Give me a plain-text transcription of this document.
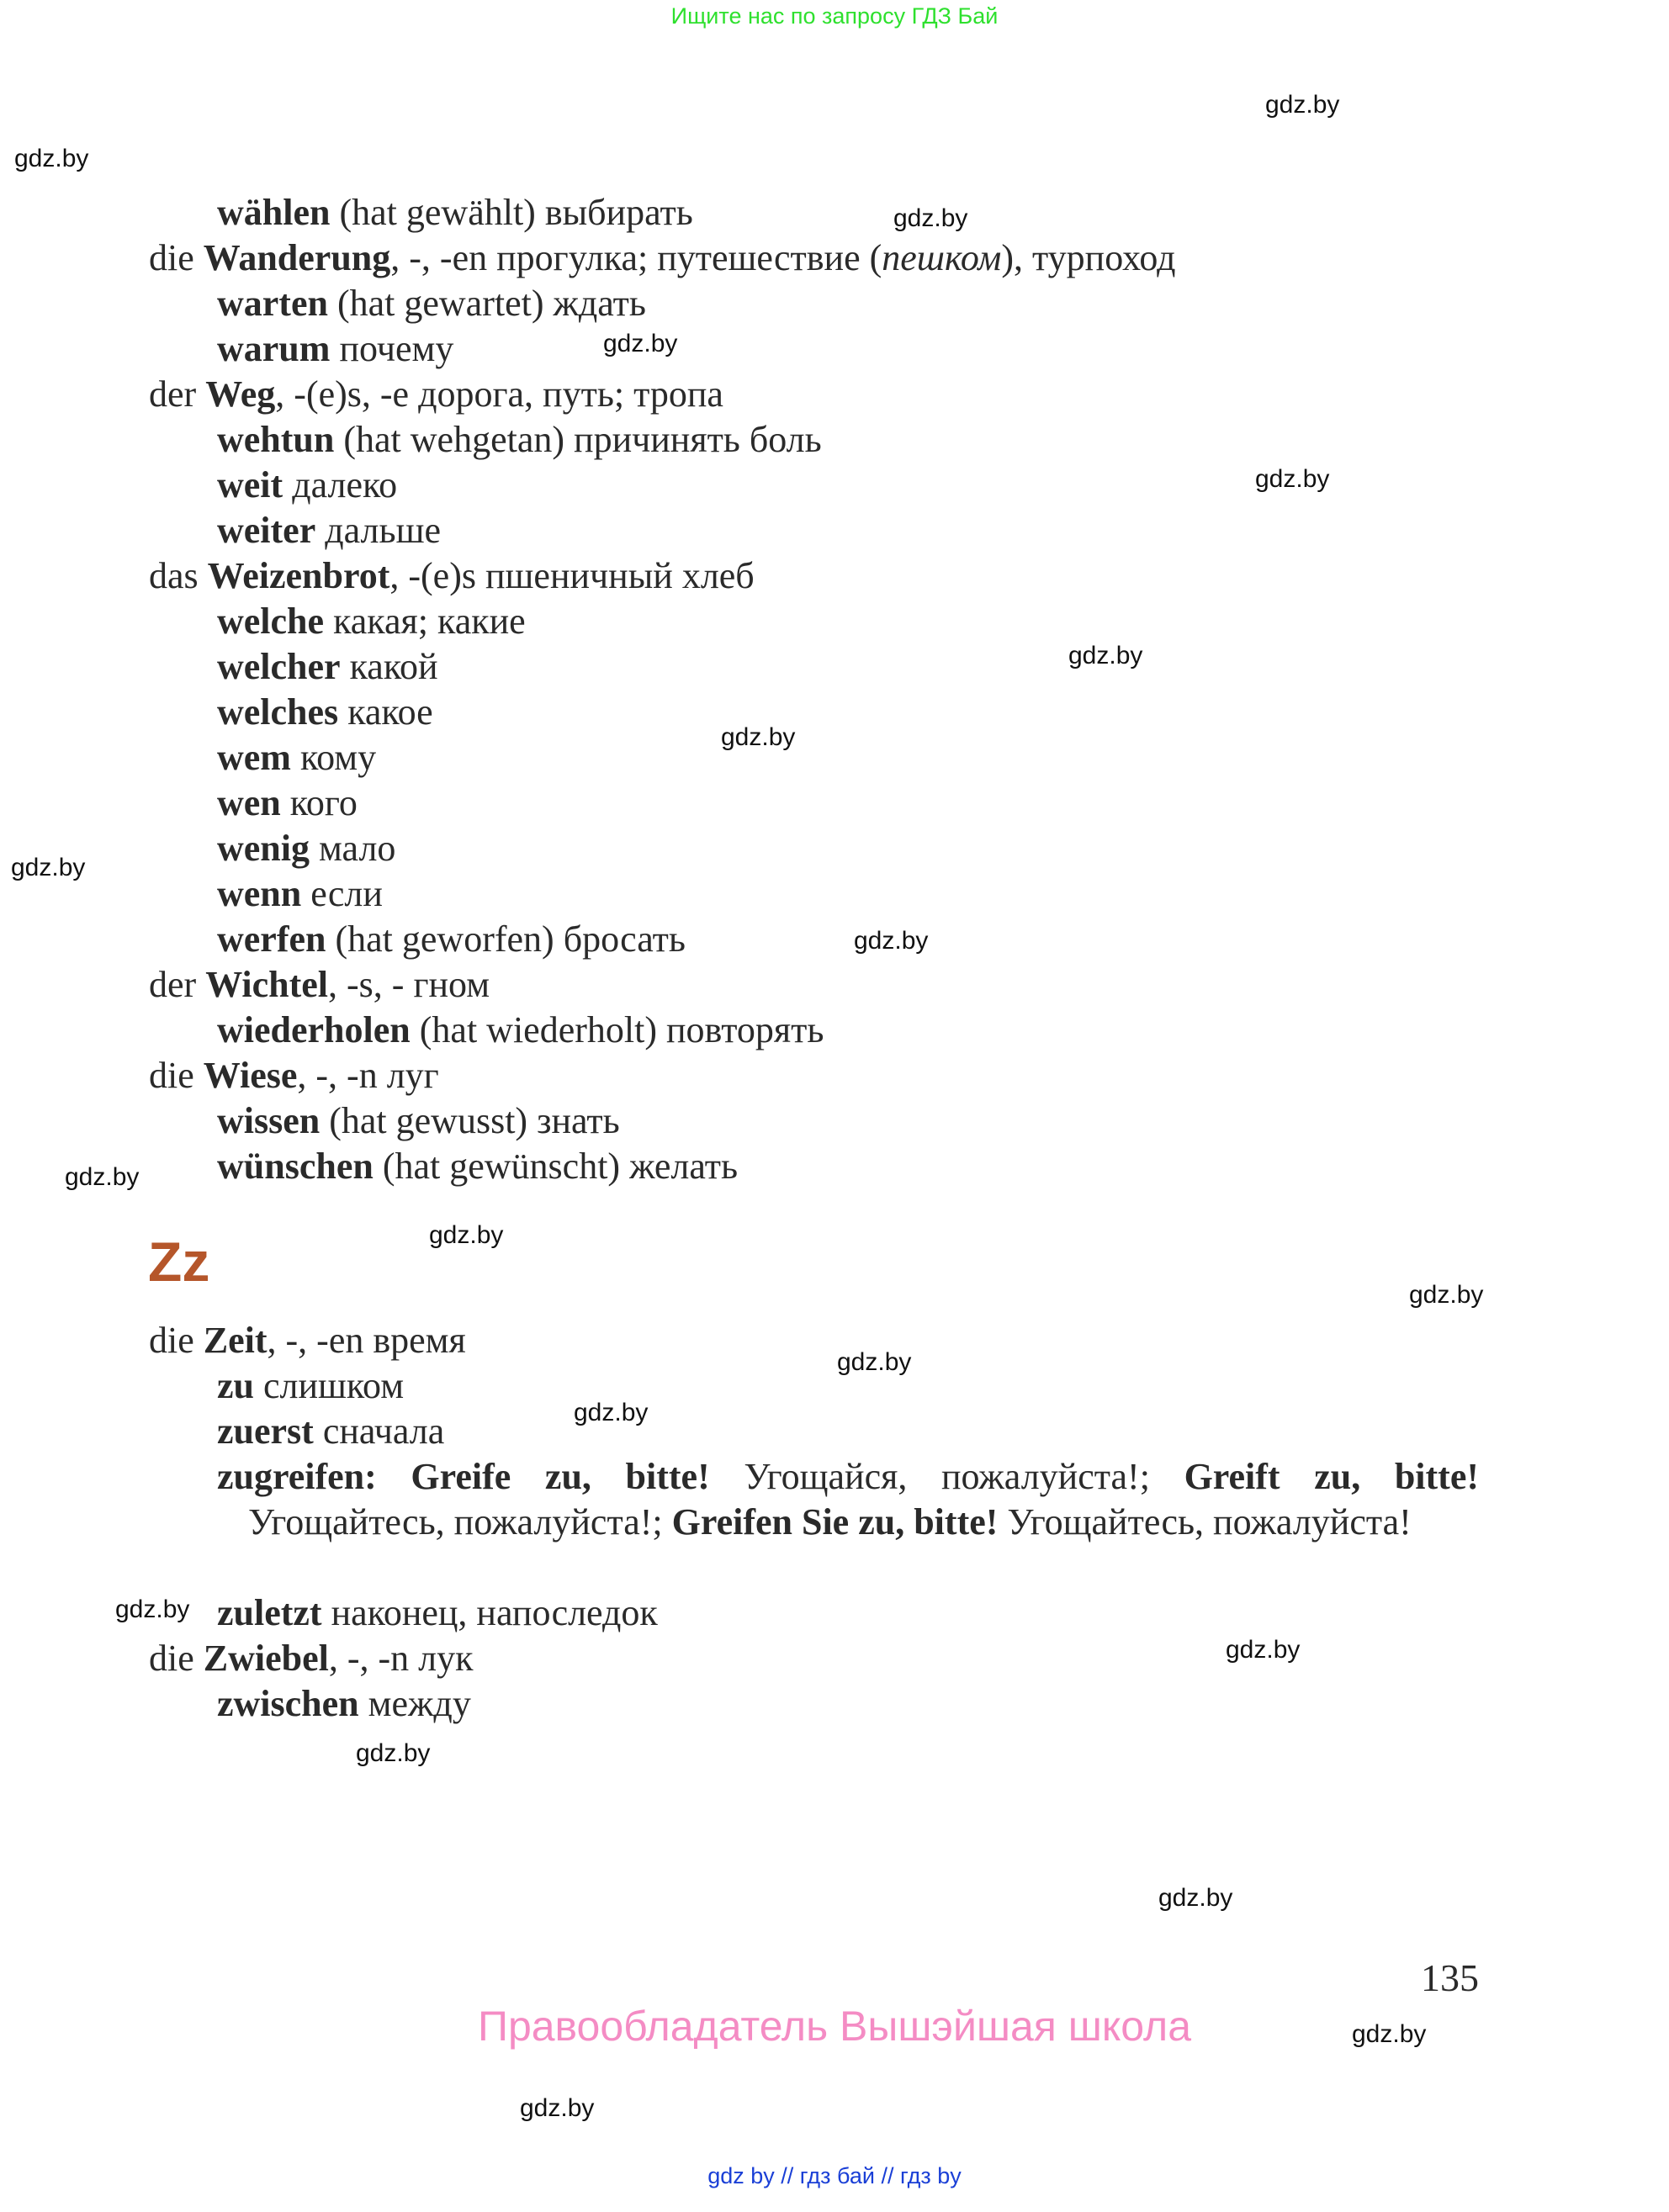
Ищите нас по запросу ГДЗ Бай
wählen (hat gewählt) выбирать
die Wanderung, -, -en прогулка; путешествие (пешком), турпоход
warten (hat gewartet) ждать
warum почему
der Weg, -(e)s, -e дорога, путь; тропа
wehtun (hat wehgetan) причинять боль
weit далеко
weiter дальше
das Weizenbrot, -(e)s пшеничный хлеб
welche какая; какие
welcher какой
welches какое
wem кому
wen кого
wenig мало
wenn если
werfen (hat geworfen) бросать
der Wichtel, -s, - гном
wiederholen (hat wiederholt) повторять
die Wiese, -, -n луг
wissen (hat gewusst) знать
wünschen (hat gewünscht) желать
Zz
die Zeit, -, -en время
zu слишком
zuerst сначала
zugreifen: Greife zu, bitte! Угощайся, пожалуйста!; Greift zu, bitte! Угощайтесь, пожалуйста!; Greifen Sie zu, bitte! Угощайтесь, пожалуйста!
zuletzt наконец, напоследок
die Zwiebel, -, -n лук
zwischen между
135
Правообладатель Вышэйшая школа
gdz by // гдз бай // гдз by
gdz.by
gdz.by
gdz.by
gdz.by
gdz.by
gdz.by
gdz.by
gdz.by
gdz.by
gdz.by
gdz.by
gdz.by
gdz.by
gdz.by
gdz.by
gdz.by
gdz.by
gdz.by
gdz.by
gdz.by
